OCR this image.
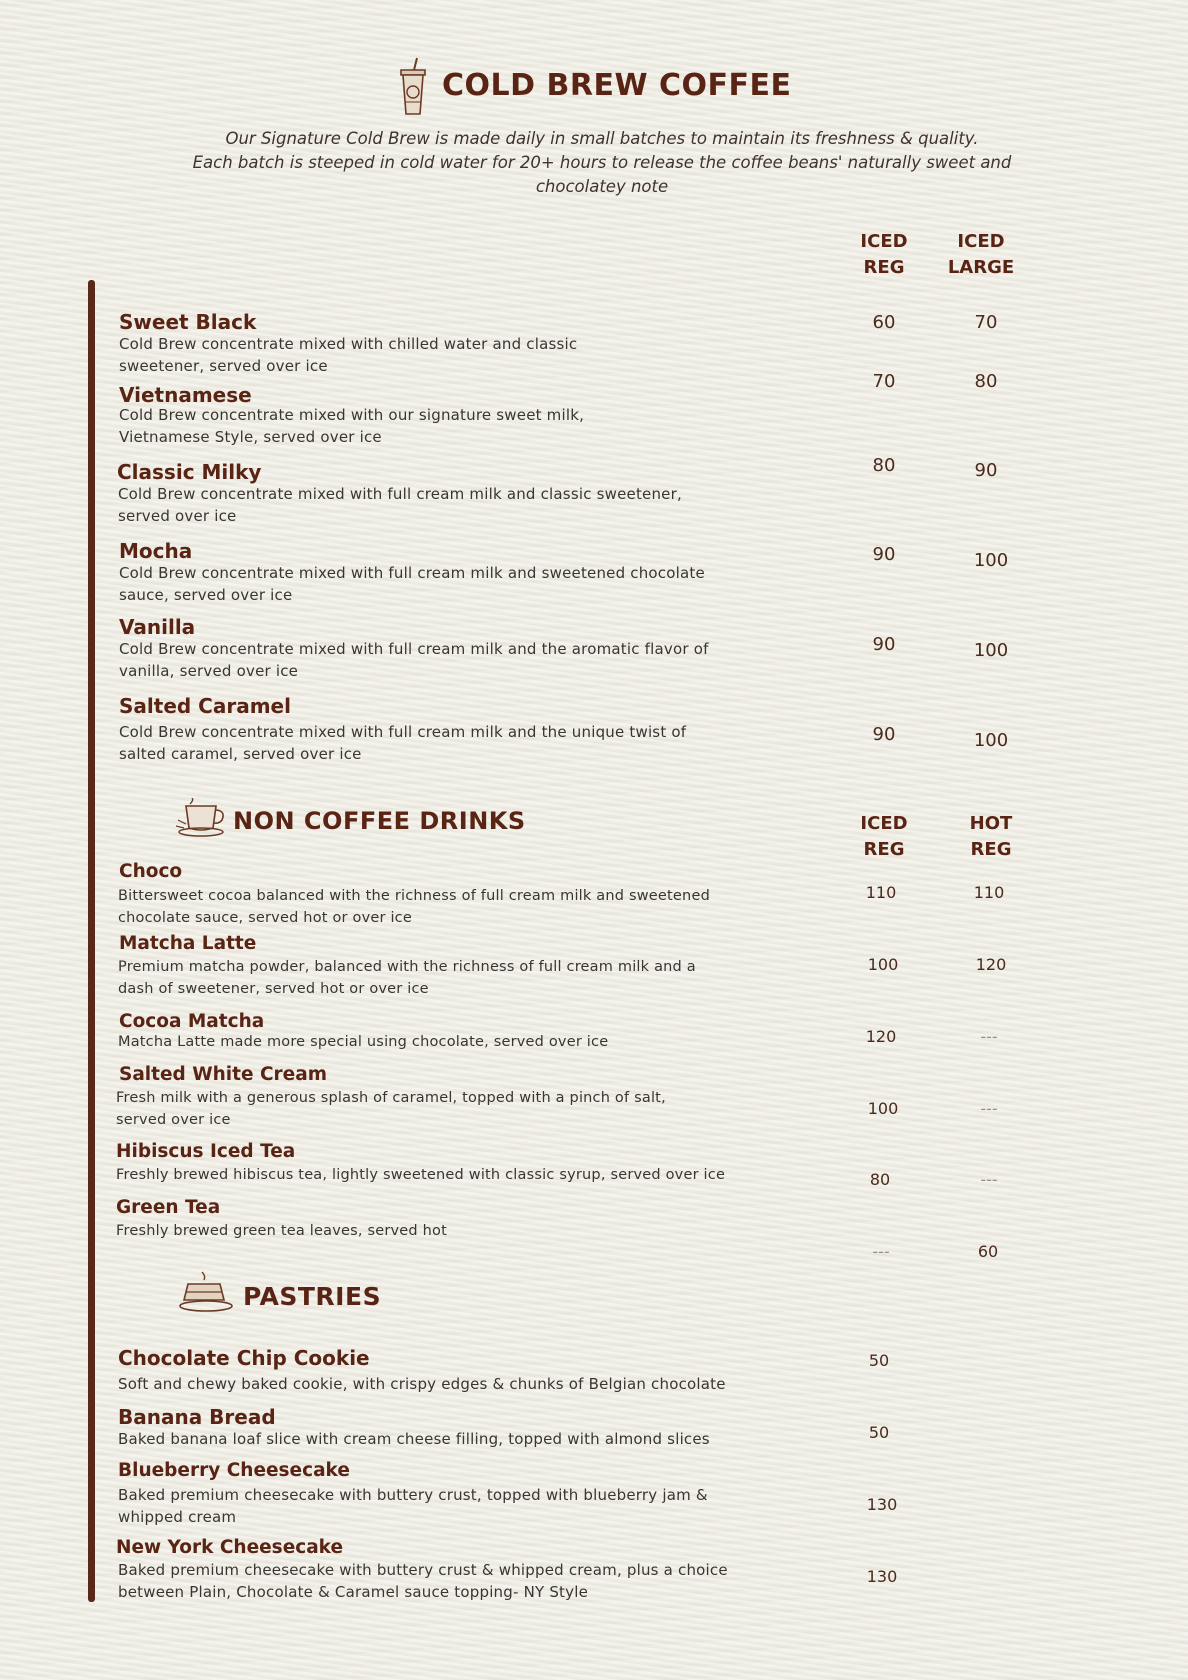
COLD BREW COFFEE
Our Signature Cold Brew is made daily in small batches to maintain its freshness & quality.
Each batch is steeped in cold water for 20+ hours to release the coffee beans' naturally sweet and
chocolatey note
ICED
REG
ICED
LARGE
Sweet Black
Cold Brew concentrate mixed with chilled water and classic
sweetener, served over ice
60	70
Vietnamese
Cold Brew concentrate mixed with our signature sweet milk,
Vietnamese Style, served over ice
70	80
Classic Milky
Cold Brew concentrate mixed with full cream milk and classic sweetener,
served over ice
80	90
Mocha
Cold Brew concentrate mixed with full cream milk and sweetened chocolate
sauce, served over ice
90	100
Vanilla
Cold Brew concentrate mixed with full cream milk and the aromatic flavor of
vanilla, served over ice
90	100
Salted Caramel
Cold Brew concentrate mixed with full cream milk and the unique twist of
salted caramel, served over ice
90	100
NON COFFEE DRINKS	ICED
REG
HOT
REG
Choco
Bittersweet cocoa balanced with the richness of full cream milk and sweetened
chocolate sauce, served hot or over ice
110	110
Matcha Latte
Premium matcha powder, balanced with the richness of full cream milk and a
dash of sweetener, served hot or over ice
100	120
Cocoa Matcha
Matcha Latte made more special using chocolate, served over ice	120	---
Salted White Cream
Fresh milk with a generous splash of caramel, topped with a pinch of salt,
served over ice
100	---
Hibiscus Iced Tea
Freshly brewed hibiscus tea, lightly sweetened with classic syrup, served over ice	80	---
Green Tea
Freshly brewed green tea leaves, served hot
---	60
PASTRIES
Chocolate Chip Cookie
Soft and chewy baked cookie, with crispy edges & chunks of Belgian chocolate
50
Banana Bread
Baked banana loaf slice with cream cheese filling, topped with almond slices	50
Blueberry Cheesecake
Baked premium cheesecake with buttery crust, topped with blueberry jam &
whipped cream
130
New York Cheesecake
Baked premium cheesecake with buttery crust & whipped cream, plus a choice
between Plain, Chocolate & Caramel sauce topping- NY Style
130
